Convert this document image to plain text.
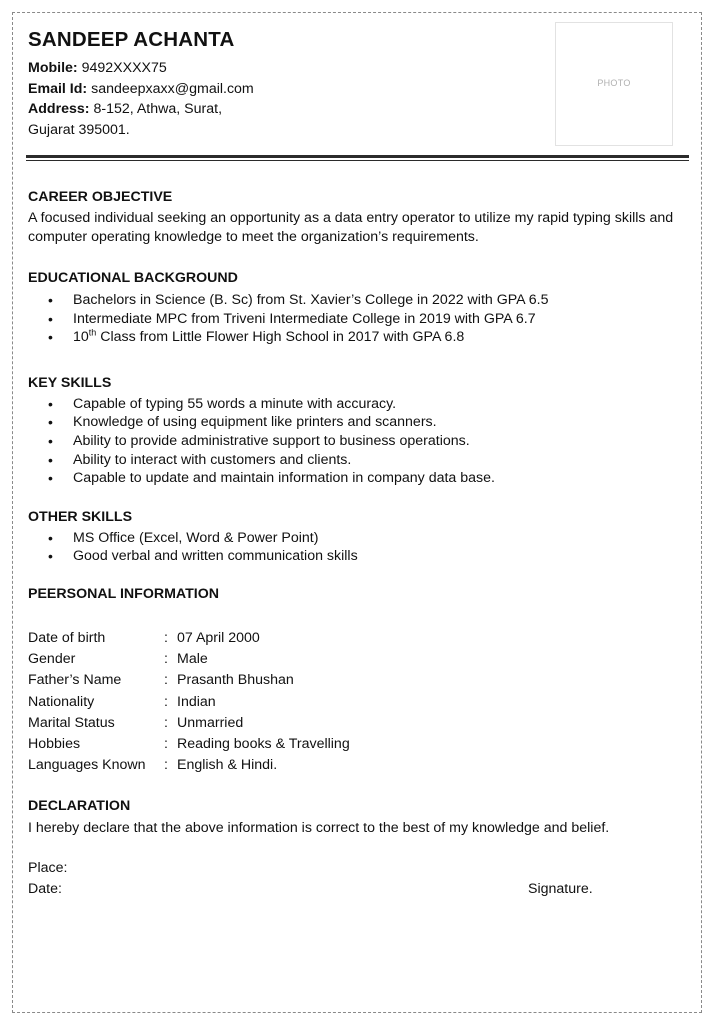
SANDEEP ACHANTA

Mobile: 9492XXXX75

Email Id: sandeepxaxx@gmail.com

Address: 8-152, Athwa, Surat,

Gujarat 395001.

PHOTO

CAREER OBJECTIVE

A focused individual seeking an opportunity as a data entry operator to utilize my rapid typing skills and computer operating knowledge to meet the organization’s requirements.

EDUCATIONAL BACKGROUND

• Bachelors in Science (B. Sc) from St. Xavier’s College in 2022 with GPA 6.5
• Intermediate MPC from Triveni Intermediate College in 2019 with GPA 6.7
• 10th Class from Little Flower High School in 2017 with GPA 6.8

KEY SKILLS

• Capable of typing 55 words a minute with accuracy.
• Knowledge of using equipment like printers and scanners.
• Ability to provide administrative support to business operations.
• Ability to interact with customers and clients.
• Capable to update and maintain information in company data base.

OTHER SKILLS

• MS Office (Excel, Word & Power Point)
• Good verbal and written communication skills

PEERSONAL INFORMATION

Date of birth	: 07 April 2000
Gender	: Male
Father’s Name	: Prasanth Bhushan
Nationality	: Indian
Marital Status	: Unmarried
Hobbies	: Reading books & Travelling
Languages Known	: English & Hindi.

DECLARATION

I hereby declare that the above information is correct to the best of my knowledge and belief.

Place:
Date:	Signature.
